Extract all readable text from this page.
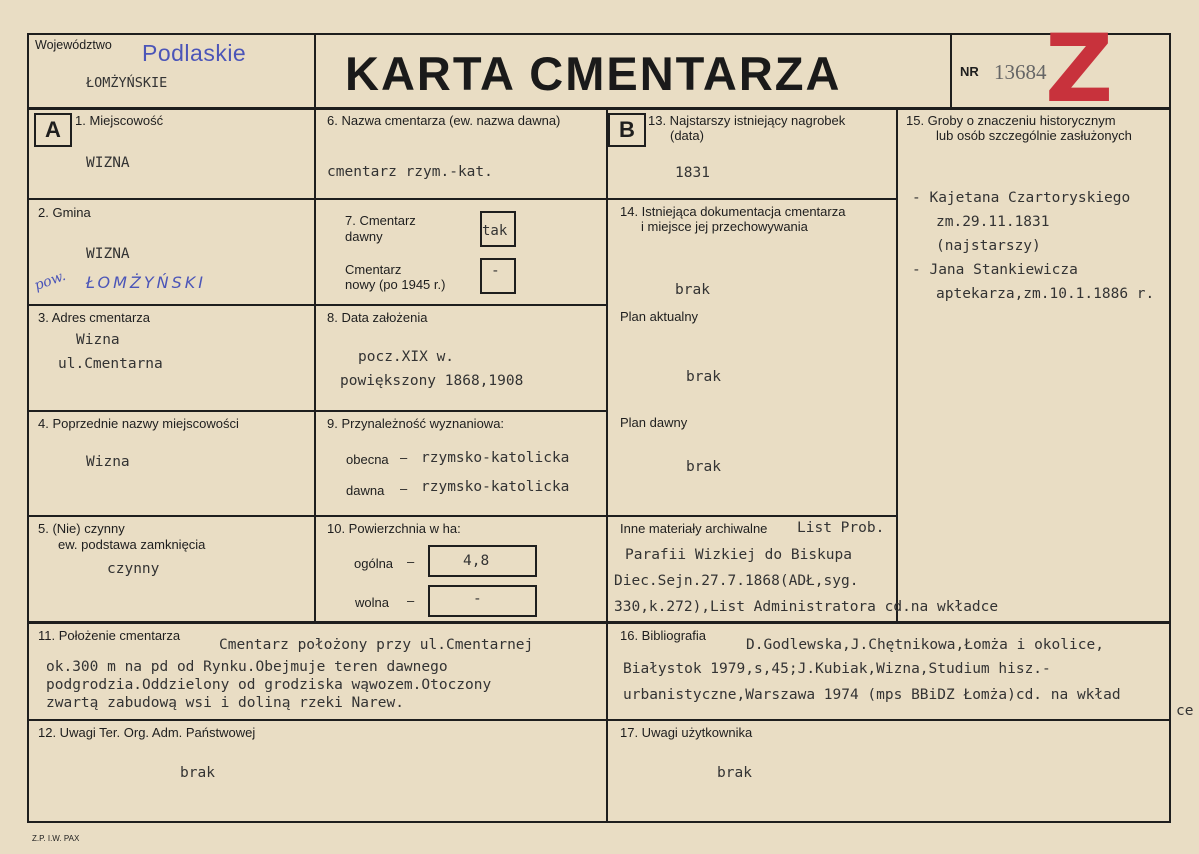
Województwo Podlaskie
ŁOMŻYŃSKIE	KARTA CMENTARZA	NR 13684
Z
A	1. Miejscowość
WIZNA
2. Gmina
WIZNA
pow. ŁOMŻYŃSKI
3. Adres cmentarza
Wizna
ul.Cmentarna
4. Poprzednie nazwy miejscowości
Wizna
5. (Nie) czynny
ew. podstawa zamknięcia
czynny
6. Nazwa cmentarza (ew. nazwa dawna)
cmentarz rzym.-kat.
7. Cmentarz
dawny	tak
Cmentarz
nowy (po 1945 r.)
-
8. Data założenia
pocz.XIX w.
powiększony 1868,1908
9. Przynależność wyznaniowa:
obecna – rzymsko-katolicka
dawna – rzymsko-katolicka
10. Powierzchnia w ha:
ogólna –	4,8
wolna –	-
B	13. Najstarszy istniejący nagrobek
(data)
1831
14. Istniejąca dokumentacja cmentarza
i miejsce jej przechowywania
brak
Plan aktualny
brak
Plan dawny
brak
Inne materiały archiwalne List Prob.
Parafii Wizkiej do Biskupa
Diec.Sejn.27.7.1868(ADŁ,syg.
330,k.272),List Administratora cd.na wkładce
15. Groby o znaczeniu historycznym
lub osób szczególnie zasłużonych
- Kajetana Czartoryskiego
zm.29.11.1831
(najstarszy)
- Jana Stankiewicza
aptekarza,zm.10.1.1886 r.
11. Położenie cmentarza
Cmentarz położony przy ul.Cmentarnej
ok.300 m na pd od Rynku.Obejmuje teren dawnego
podgrodzia.Oddzielony od grodziska wąwozem.Otoczony
zwartą zabudową wsi i doliną rzeki Narew.
16. Bibliografia
D.Godlewska,J.Chętnikowa,Łomża i okolice,
Białystok 1979,s,45;J.Kubiak,Wizna,Studium hisz.-
urbanistyczne,Warszawa 1974 (mps BBiDZ Łomża)cd. na wkład
ce
12. Uwagi Ter. Org. Adm. Państwowej
brak
17. Uwagi użytkownika
brak
Z.P. I.W. PAX
